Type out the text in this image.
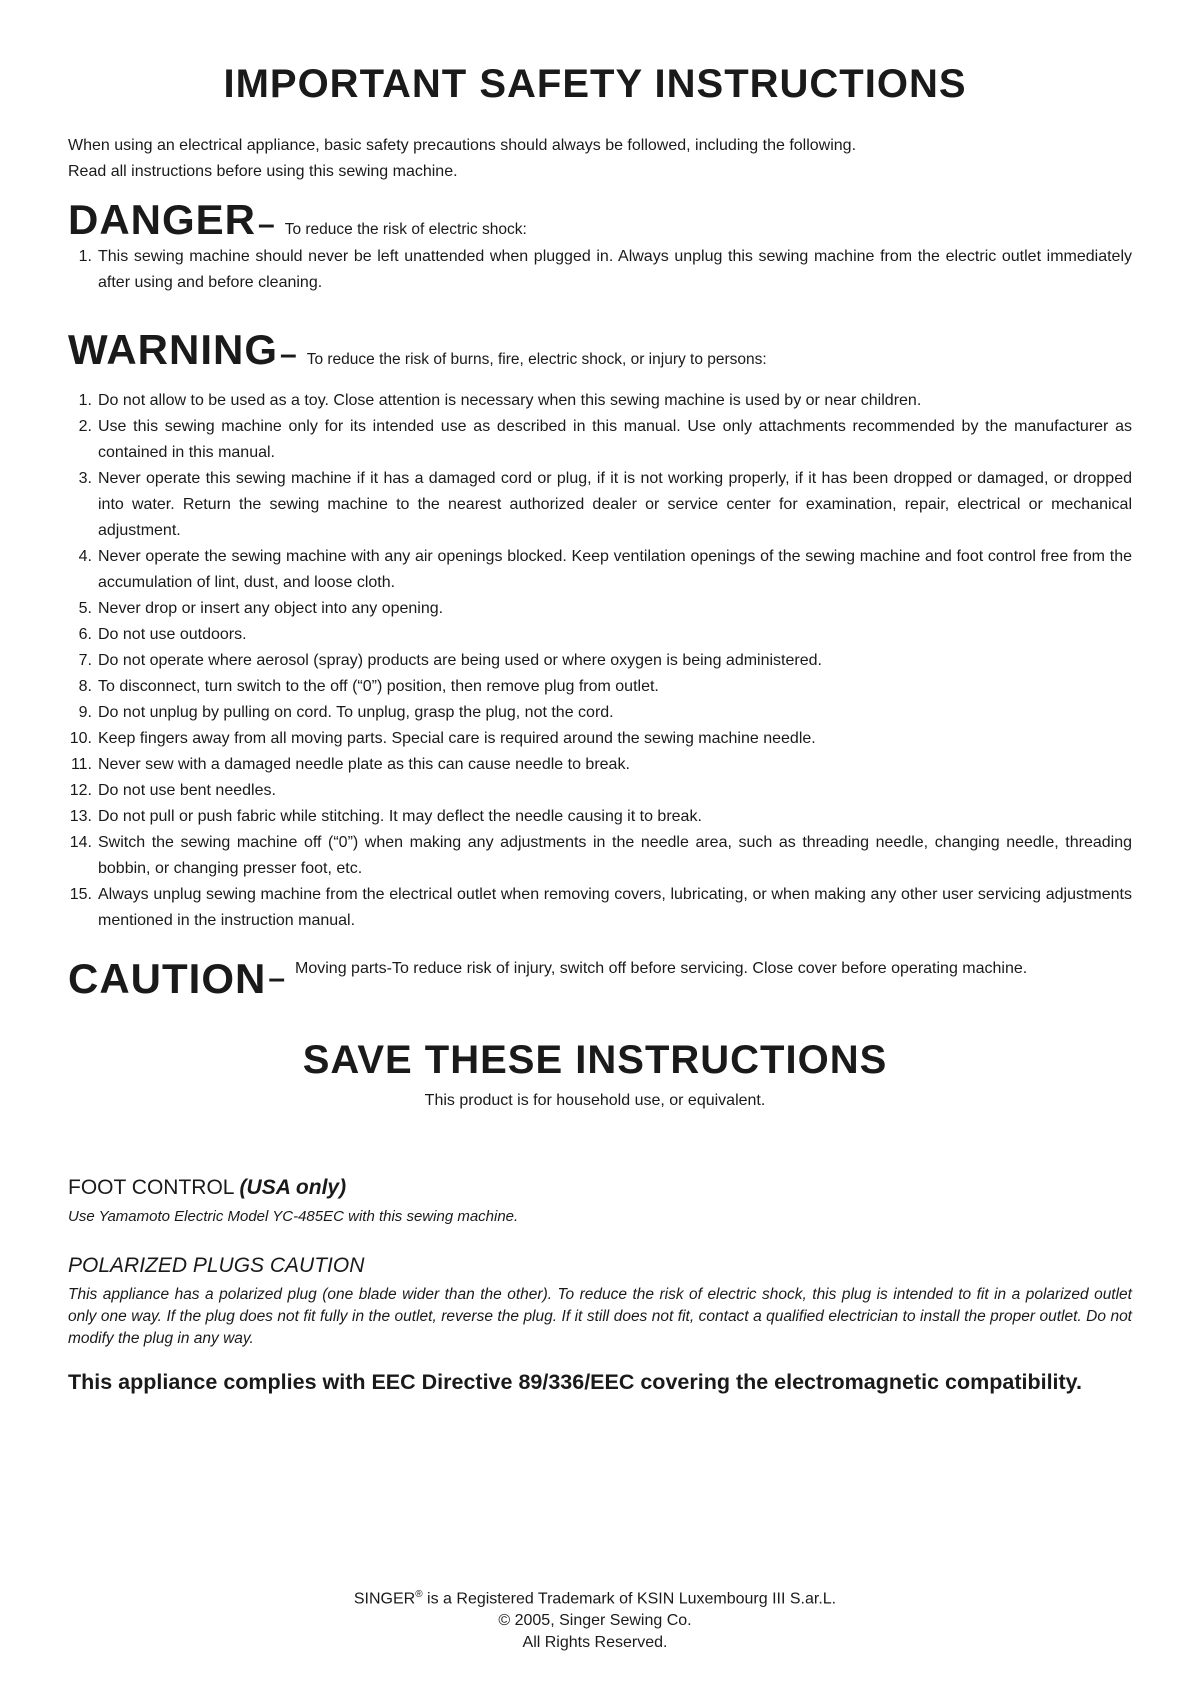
IMPORTANT SAFETY INSTRUCTIONS

When using an electrical appliance, basic safety precautions should always be followed, including the following.

Read all instructions before using this sewing machine.

DANGER – To reduce the risk of electric shock:
1. This sewing machine should never be left unattended when plugged in. Always unplug this sewing machine from the electric outlet immediately after using and before cleaning.
WARNING – To reduce the risk of burns, fire, electric shock, or injury to persons:
1. Do not allow to be used as a toy. Close attention is necessary when this sewing machine is used by or near children.
2. Use this sewing machine only for its intended use as described in this manual. Use only attachments recommended by the manufacturer as contained in this manual.
3. Never operate this sewing machine if it has a damaged cord or plug, if it is not working properly, if it has been dropped or damaged, or dropped into water. Return the sewing machine to the nearest authorized dealer or service center for examination, repair, electrical or mechanical adjustment.
4. Never operate the sewing machine with any air openings blocked. Keep ventilation openings of the sewing machine and foot control free from the accumulation of lint, dust, and loose cloth.
5. Never drop or insert any object into any opening.
6. Do not use outdoors.
7. Do not operate where aerosol (spray) products are being used or where oxygen is being administered.
8. To disconnect, turn switch to the off (“0”) position, then remove plug from outlet.
9. Do not unplug by pulling on cord. To unplug, grasp the plug, not the cord.
10. Keep fingers away from all moving parts. Special care is required around the sewing machine needle.
11. Never sew with a damaged needle plate as this can cause needle to break.
12. Do not use bent needles.
13. Do not pull or push fabric while stitching. It may deflect the needle causing it to break.
14. Switch the sewing machine off (“0”) when making any adjustments in the needle area, such as threading needle, changing needle, threading bobbin, or changing presser foot, etc.
15. Always unplug sewing machine from the electrical outlet when removing covers, lubricating, or when making any other user servicing adjustments mentioned in the instruction manual.
CAUTION – Moving parts-To reduce risk of injury, switch off before servicing. Close cover before operating machine.
SAVE THESE INSTRUCTIONS

This product is for household use, or equivalent.

FOOT CONTROL (USA only)

Use Yamamoto Electric Model YC-485EC with this sewing machine.

POLARIZED PLUGS CAUTION

This appliance has a polarized plug (one blade wider than the other). To reduce the risk of electric shock, this plug is intended to fit in a polarized outlet only one way. If the plug does not fit fully in the outlet, reverse the plug. If it still does not fit, contact a qualified electrician to install the proper outlet. Do not modify the plug in any way.

This appliance complies with EEC Directive 89/336/EEC covering the electromagnetic compatibility.

SINGER® is a Registered Trademark of KSIN Luxembourg III S.ar.L.

© 2005, Singer Sewing Co.

All Rights Reserved.
